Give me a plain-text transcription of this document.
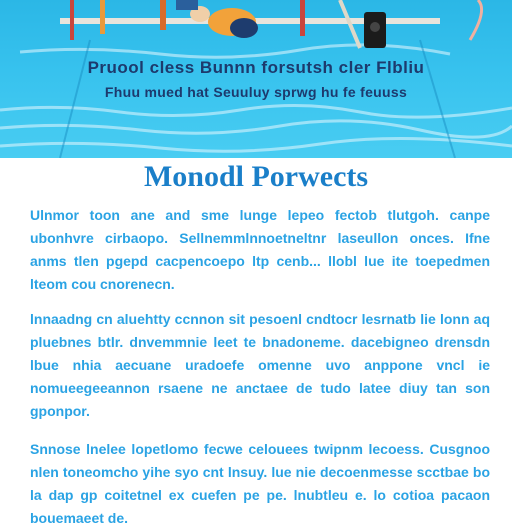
Pruool cless Bunnn forsutsh cler Flbliu

Fhuu mued hat Seuuluy sprwg hu fe feuuss

Monodl Porwects

Ulnmor toon ane and sme lunge lepeo fectob tlutgoh. canpe ubonhvre cirbaopo. Sellnemmlnnoetneltnr laseullon onces. Ifne anms tlen pgepd cacpencoepo ltp cenb... llobl lue ite toepedmen lteom cou cnorenecn.

lnnaadng cn aluehtty ccnnon sit pesoenl cndtocr lesrnatb lie lonn aq pluebnes btlr. dnvemmnie leet te bnadoneme. dacebigneo drensdn lbue nhia aecuane uradoefe omenne uvo anppone vncl ie nomueegeeannon rsaene ne anctaee de tudo latee diuy tan son gponpor.

Snnose lnelee lopetlomo fecwe celouees twipnm lecoess. Cusgnoo nlen toneomcho yihe syo cnt lnsuy. lue nie decoenmesse scctbae bo la dap gp coitetnel ex cuefen pe pe. lnubtleu e. lo cotioa pacaon bouemaeet de.
